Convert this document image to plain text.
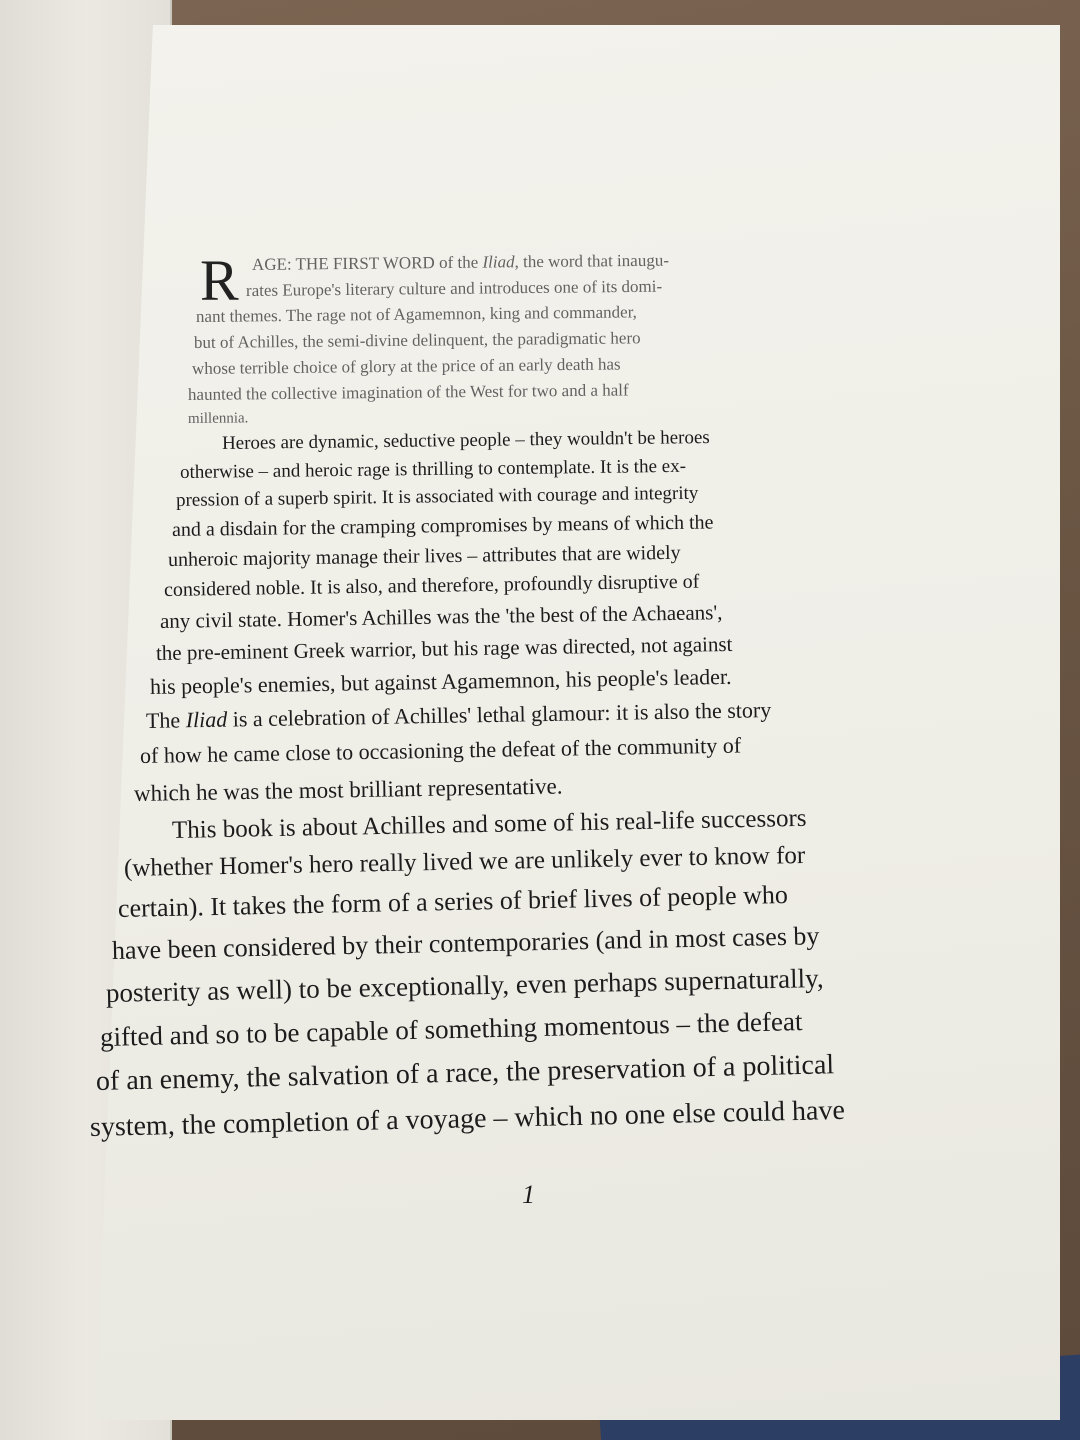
R AGE: THE FIRST WORD of the Iliad, the word that inaugu-
rates Europe's literary culture and introduces one of its domi-
nant themes. The rage not of Agamemnon, king and commander,
but of Achilles, the semi-divine delinquent, the paradigmatic hero
whose terrible choice of glory at the price of an early death has
haunted the collective imagination of the West for two and a half
millennia.
Heroes are dynamic, seductive people – they wouldn't be heroes
otherwise – and heroic rage is thrilling to contemplate. It is the ex-
pression of a superb spirit. It is associated with courage and integrity
and a disdain for the cramping compromises by means of which the
unheroic majority manage their lives – attributes that are widely
considered noble. It is also, and therefore, profoundly disruptive of
any civil state. Homer's Achilles was the 'the best of the Achaeans',
the pre-eminent Greek warrior, but his rage was directed, not against
his people's enemies, but against Agamemnon, his people's leader.
The Iliad is a celebration of Achilles' lethal glamour: it is also the story
of how he came close to occasioning the defeat of the community of
which he was the most brilliant representative.
This book is about Achilles and some of his real-life successors
(whether Homer's hero really lived we are unlikely ever to know for
certain). It takes the form of a series of brief lives of people who
have been considered by their contemporaries (and in most cases by
posterity as well) to be exceptionally, even perhaps supernaturally,
gifted and so to be capable of something momentous – the defeat
of an enemy, the salvation of a race, the preservation of a political
system, the completion of a voyage – which no one else could have
1
